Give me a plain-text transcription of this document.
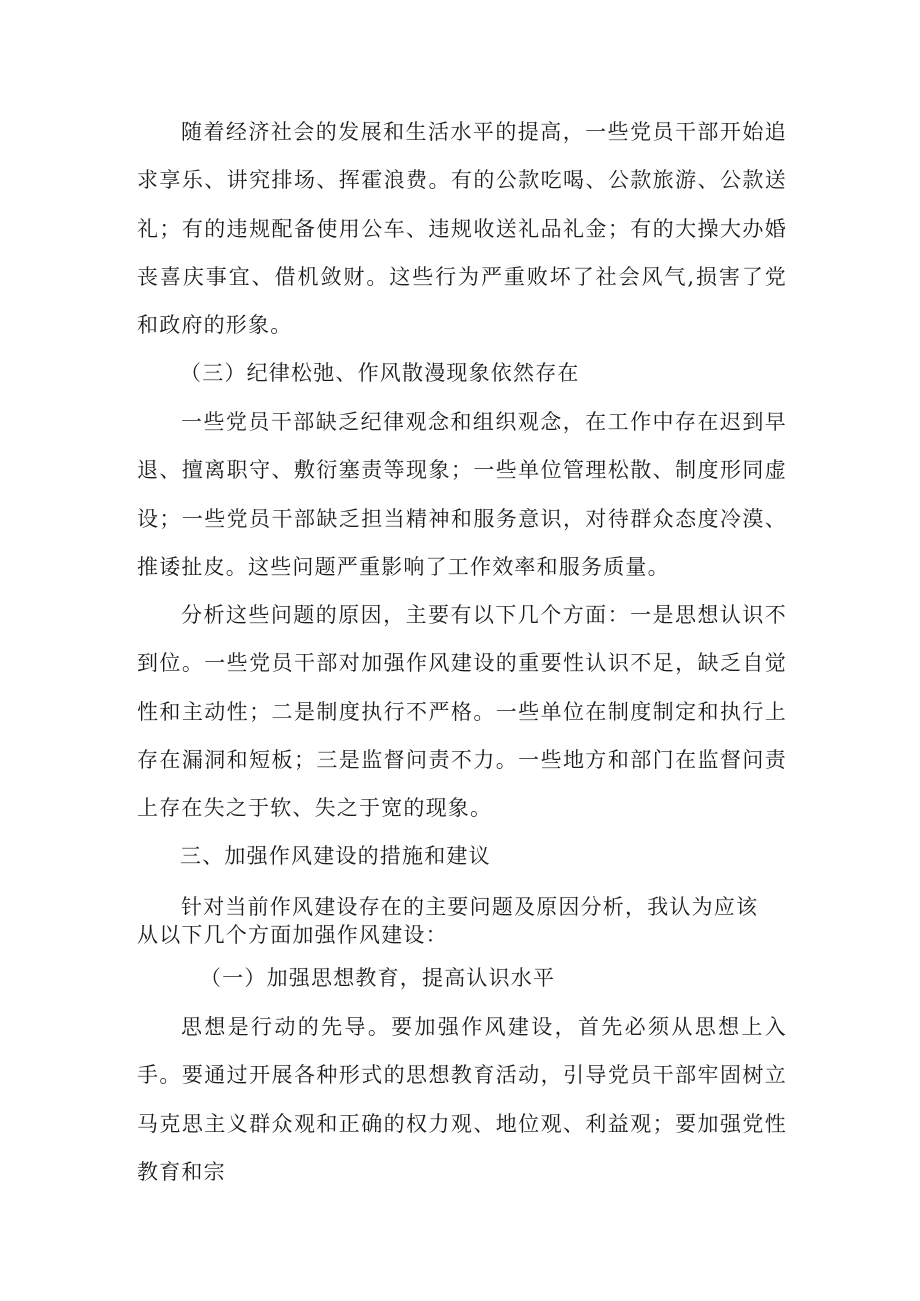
随着经济社会的发展和生活水平的提高，一些党员干部开始追求享乐、讲究排场、挥霍浪费。有的公款吃喝、公款旅游、公款送礼；有的违规配备使用公车、违规收送礼品礼金；有的大操大办婚丧喜庆事宜、借机敛财。这些行为严重败坏了社会风气,损害了党和政府的形象。

（三）纪律松弛、作风散漫现象依然存在

一些党员干部缺乏纪律观念和组织观念，在工作中存在迟到早退、擅离职守、敷衍塞责等现象；一些单位管理松散、制度形同虚设；一些党员干部缺乏担当精神和服务意识，对待群众态度冷漠、推诿扯皮。这些问题严重影响了工作效率和服务质量。

分析这些问题的原因，主要有以下几个方面：一是思想认识不到位。一些党员干部对加强作风建设的重要性认识不足，缺乏自觉性和主动性；二是制度执行不严格。一些单位在制度制定和执行上存在漏洞和短板；三是监督问责不力。一些地方和部门在监督问责上存在失之于软、失之于宽的现象。

三、加强作风建设的措施和建议

针对当前作风建设存在的主要问题及原因分析，我认为应该
从以下几个方面加强作风建设：

（一）加强思想教育，提高认识水平

思想是行动的先导。要加强作风建设，首先必须从思想上入手。要通过开展各种形式的思想教育活动，引导党员干部牢固树立马克思主义群众观和正确的权力观、地位观、利益观；要加强党性教育和宗
